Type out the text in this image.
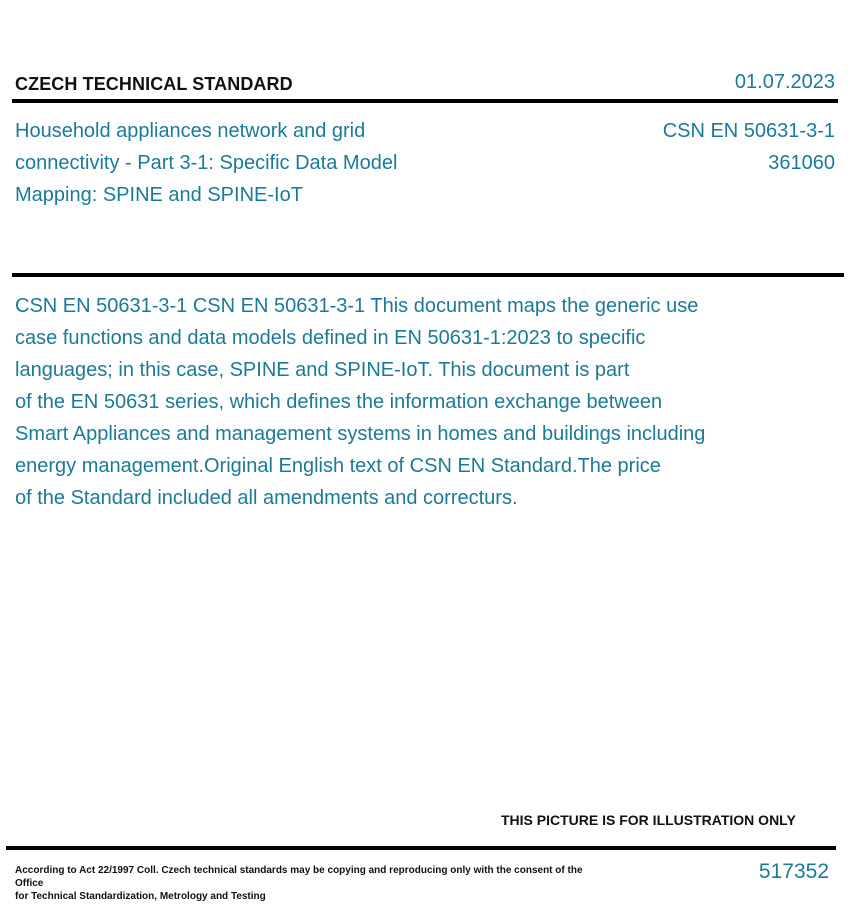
CZECH TECHNICAL STANDARD	01.07.2023
Household appliances network and grid connectivity - Part 3-1: Specific Data Model Mapping: SPINE and SPINE-IoT
CSN EN 50631-3-1
361060
CSN EN 50631-3-1 CSN EN 50631-3-1 This document maps the generic use
case functions and data models defined in EN 50631-1:2023 to specific
languages; in this case, SPINE and SPINE-IoT. This document is part
of the EN 50631 series, which defines the information exchange between
Smart Appliances and management systems in homes and buildings including
energy management.Original English text of CSN EN Standard.The price
of the Standard included all amendments and correcturs.
THIS PICTURE IS FOR ILLUSTRATION ONLY
According to Act 22/1997 Coll. Czech technical standards may be copying and reproducing only with the consent of the Office
for Technical Standardization, Metrology and Testing
517352
